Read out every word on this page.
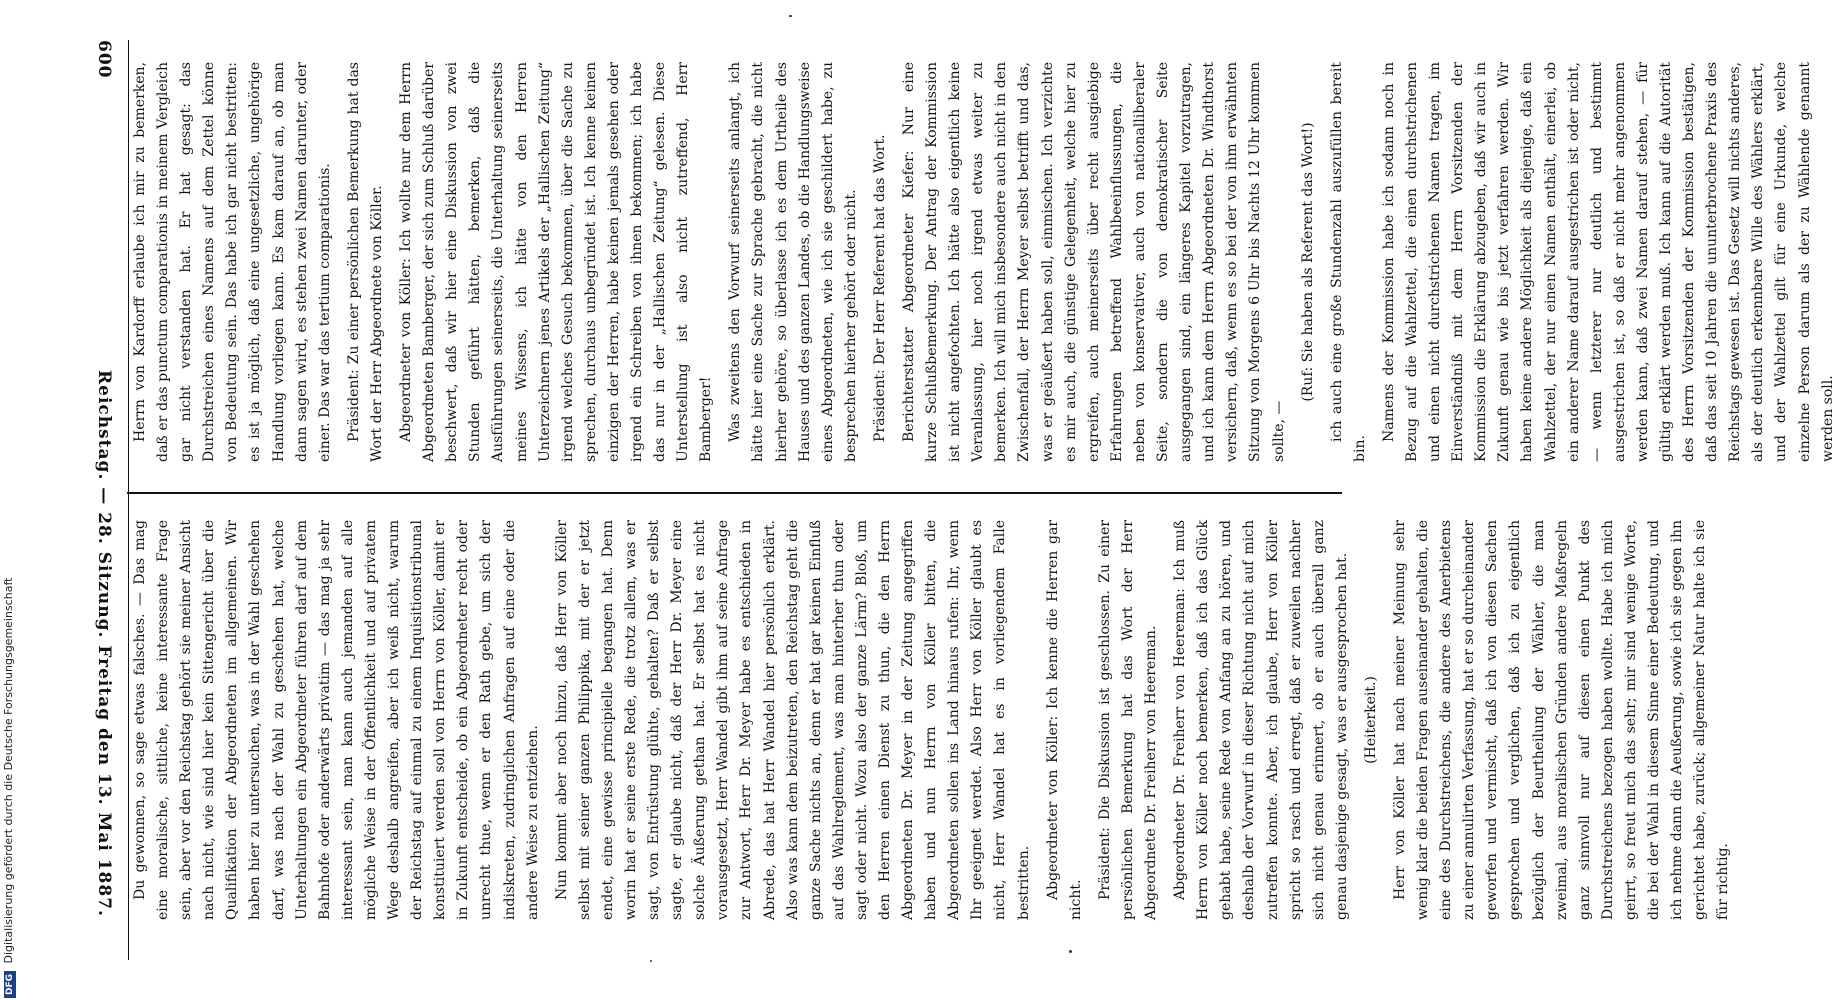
600
Reichstag. — 28. Sitzung. Freitag den 13. Mai 1887. Du gewonnen, so sage etwas falsches. — Das mag eine moralische, sittliche, keine interessante Frage sein, aber vor den Reichstag gehört sie meiner Ansicht nach nicht, wie sind hier kein Sittengericht über die Qualifikation der Abgeordneten im allgemeinen. Wir haben hier zu untersuchen, was in der Wahl geschehen darf, was nach der Wahl zu geschehen hat, welche Unterhaltungen ein Abgeordneter führen darf auf dem Bahnhofe oder anderwärts privatim — das mag ja sehr interessant sein, man kann auch jemanden auf alle mögliche Weise in der Öffentlichkeit und auf privatem Wege deshalb angreifen, aber ich weiß nicht, warum der Reichstag auf einmal zu einem Inquisitionstribunal konstituiert werden soll von Herrn von Köller, damit er in Zukunft entscheide, ob ein Abgeordneter recht oder unrecht thue, wenn er den Rath gebe, um sich der indiskreten, zudringlichen Anfragen auf eine oder die andere Weise zu entziehen. Nun kommt aber noch hinzu, daß Herr von Köller selbst mit seiner ganzen Philippika, mit der er jetzt endet, eine gewisse principielle begangen hat. Denn worin hat er seine erste Rede, die trotz allem, was er sagt, von Entrüstung glühte, gehalten? Daß er selbst sagte, er glaube nicht, daß der Herr Dr. Meyer eine solche Äußerung gethan hat. Er selbst hat es nicht vorausgesetzt, Herr Wandel gibt ihm auf seine Anfrage zur Antwort, Herr Dr. Meyer habe es entschieden in Abrede, das hat Herr Wandel hier persönlich erklärt. Also was kann dem beizutreten, den Reichstag geht die ganze Sache nichts an, denn er hat gar keinen Einfluß auf das Wahlreglement, was man hinterher thun oder sagt oder nicht. Wozu also der ganze Lärm? Bloß, um den Herren einen Dienst zu thun, die den Herrn Abgeordneten Dr. Meyer in der Zeitung angegriffen haben und nun Herrn von Köller bitten, die Abgeordneten sollen ins Land hinaus rufen: Ihr, wenn Ihr geeignet werdet. Also Herr von Köller glaubt es nicht, Herr Wandel hat es in vorliegendem Falle bestritten. Abgeordneter von Köller: Ich kenne die Herren gar nicht. Präsident: Die Diskussion ist geschlossen. Zu einer persönlichen Bemerkung hat das Wort der Herr Abgeordnete Dr. Freiherr von Heereman. Abgeordneter Dr. Freiherr von Heereman: Ich muß Herrn von Köller noch bemerken, daß ich das Glück gehabt habe, seine Rede von Anfang an zu hören, und deshalb der Vorwurf in dieser Richtung nicht auf mich zutreffen konnte. Aber, ich glaube, Herr von Köller spricht so rasch und erregt, daß er zuweilen nachher sich nicht genau erinnert, ob er auch überall ganz genau dasjenige gesagt, was er ausgesprochen hat. (Heiterkeit.) Herr von Köller hat nach meiner Meinung sehr wenig klar die beiden Fragen auseinander gehalten, die eine des Durchstreichens, die andere des Anerbietens zu einer annulirten Verfassung, hat er so durcheinander geworfen und vermischt, daß ich von diesen Sachen gesprochen und verglichen, daß ich zu eigentlich bezüglich der Beurtheilung der Wähler, die man zweimal, aus moralischen Gründen andere Maßregeln ganz sinnvoll nur auf diesen einen Punkt des Durchstreichens bezogen haben wollte. Habe ich mich geirrt, so freut mich das sehr; mir sind wenige Worte, die bei der Wahl in diesem Sinne einer Bedeutung, und ich nehme dann die Aeußerung, sowie ich sie gegen ihn gerichtet habe, zurück; allgemeiner Natur halte ich sie für richtig.

Herrn von Kardorff erlaube ich mir zu bemerken, daß er das punctum comparationis in meinem Vergleich gar nicht verstanden hat. Er hat gesagt: das Durchstreichen eines Namens auf dem Zettel könne von Bedeutung sein. Das habe ich gar nicht bestritten: es ist ja möglich, daß eine ungesetzliche, ungehörige Handlung vorliegen kann. Es kam darauf an, ob man dann sagen wird, es stehen zwei Namen darunter, oder einer. Das war das tertium comparationis. Präsident: Zu einer persönlichen Bemerkung hat das Wort der Herr Abgeordnete von Köller. Abgeordneter von Köller: Ich wollte nur dem Herrn Abgeordneten Bamberger, der sich zum Schluß darüber beschwert, daß wir hier eine Diskussion von zwei Stunden geführt hätten, bemerken, daß die Ausführungen seinerseits, die Unterhaltung seinerseits meines Wissens, ich hätte von den Herren Unterzeichnern jenes Artikels der „Hallischen Zeitung“ irgend welches Gesuch bekommen, über die Sache zu sprechen, durchaus unbegründet ist. Ich kenne keinen einzigen der Herren, habe keinen jemals gesehen oder irgend ein Schreiben von ihnen bekommen; ich habe das nur in der „Hallischen Zeitung“ gelesen. Diese Unterstellung ist also nicht zutreffend, Herr Bamberger! Was zweitens den Vorwurf seinerseits anlangt, ich hätte hier eine Sache zur Sprache gebracht, die nicht hierher gehöre, so überlasse ich es dem Urtheile des Hauses und des ganzen Landes, ob die Handlungsweise eines Abgeordneten, wie ich sie geschildert habe, zu besprechen hierher gehört oder nicht. Präsident: Der Herr Referent hat das Wort. Berichterstatter Abgeordneter Kiefer: Nur eine kurze Schlußbemerkung. Der Antrag der Kommission ist nicht angefochten. Ich hätte also eigentlich keine Veranlassung, hier noch irgend etwas weiter zu bemerken. Ich will mich insbesondere auch nicht in den Zwischenfall, der Herrn Meyer selbst betrifft und das, was er geäußert haben soll, einmischen. Ich verzichte es mir auch, die günstige Gelegenheit, welche hier zu ergreifen, auch meinerseits über recht ausgiebige Erfahrungen betreffend Wahlbeeinflussungen, die neben von konservativer, auch von nationalliberaler Seite, sondern die von demokratischer Seite ausgegangen sind, ein längeres Kapitel vorzutragen, und ich kann dem Herrn Abgeordneten Dr. Windthorst versichern, daß, wenn es so bei der von ihm erwähnten Sitzung von Morgens 6 Uhr bis Nachts 12 Uhr kommen sollte, —

(Ruf: Sie haben als Referent das Wort!) ich auch eine große Stundenzahl auszufüllen bereit bin.

Namens der Kommission habe ich sodann noch in Bezug auf die Wahlzettel, die einen durchstrichenen und einen nicht durchstrichenen Namen tragen, im Einverständniß mit dem Herrn Vorsitzenden der Kommission die Erklärung abzugeben, daß wir auch in Zukunft genau wie bis jetzt verfahren werden. Wir haben keine andere Möglichkeit als diejenige, daß ein Wahlzettel, der nur einen Namen enthält, einerlei, ob ein anderer Name darauf ausgestrichen ist oder nicht, — wenn letzterer nur deutlich und bestimmt ausgestrichen ist, so daß er nicht mehr angenommen werden kann, daß zwei Namen darauf stehen, — für gültig erklärt werden muß. Ich kann auf die Autorität des Herrn Vorsitzenden der Kommission bestätigen, daß das seit 10 Jahren die ununterbrochene Praxis des Reichstags gewesen ist. Das Gesetz will nichts anderes, als der deutlich erkennbare Wille des Wählers erklärt, und der Wahlzettel gilt für eine Urkunde, welche einzelne Person darum als der zu Wählende genannt werden soll.

DFG Digitalisierung gefördert durch die Deutsche Forschungsgemeinschaft
